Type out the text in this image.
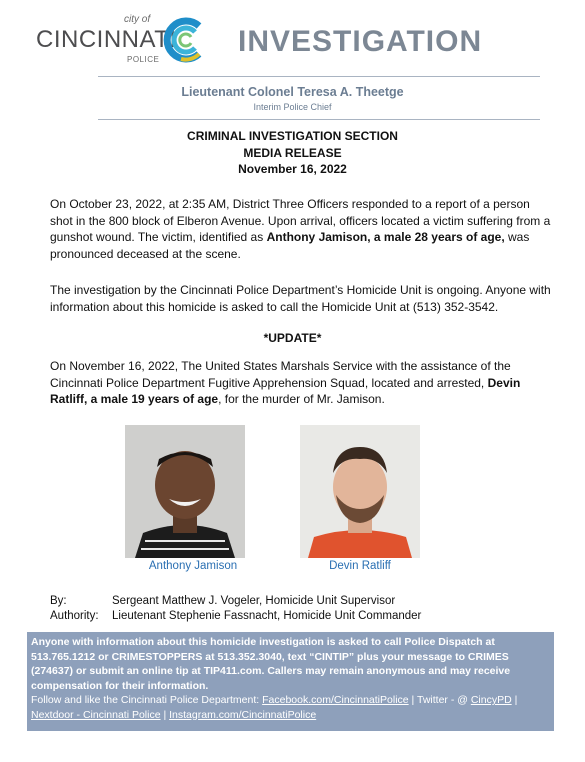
city of
CINCINNATI
POLICE
INVESTIGATION
Lieutenant Colonel Teresa A. Theetge
Interim Police Chief
CRIMINAL INVESTIGATION SECTION
MEDIA RELEASE
November 16, 2022
On October 23, 2022, at 2:35 AM, District Three Officers responded to a report of a person shot in the 800 block of Elberon Avenue. Upon arrival, officers located a victim suffering from a gunshot wound. The victim, identified as Anthony Jamison, a male 28 years of age, was pronounced deceased at the scene.
The investigation by the Cincinnati Police Department’s Homicide Unit is ongoing. Anyone with information about this homicide is asked to call the Homicide Unit at (513) 352-3542.
*UPDATE*
On November 16, 2022, The United States Marshals Service with the assistance of the Cincinnati Police Department Fugitive Apprehension Squad, located and arrested, Devin Ratliff, a male 19 years of age, for the murder of Mr. Jamison.
Anthony Jamison	Devin Ratliff
By:	Sergeant Matthew J. Vogeler, Homicide Unit Supervisor
Authority: Lieutenant Stephenie Fassnacht, Homicide Unit Commander
Anyone with information about this homicide investigation is asked to call Police Dispatch at 513.765.1212 or CRIMESTOPPERS at 513.352.3040, text “CINTIP” plus your message to CRIMES (274637) or submit an online tip at TIP411.com. Callers may remain anonymous and may receive compensation for their information.
Follow and like the Cincinnati Police Department: Facebook.com/CincinnatiPolice | Twitter - @ CincyPD | Nextdoor - Cincinnati Police | Instagram.com/CincinnatiPolice
